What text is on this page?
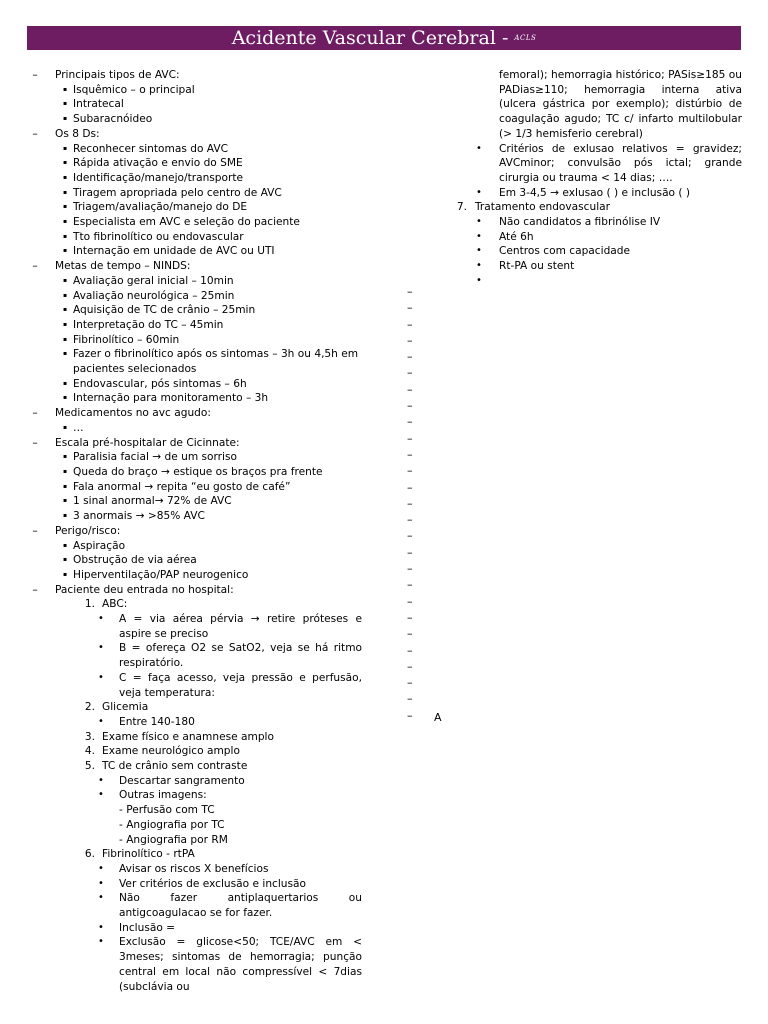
Acidente Vascular Cerebral - $^{ACLS}$
–	Principais tipos de AVC:
▪ Isquêmico – o principal
▪ Intratecal
▪ Subaracnóideo
–	Os 8 Ds:
▪ Reconhecer sintomas do AVC
▪ Rápida ativação e envio do SME
▪ Identificação/manejo/transporte
▪ Tiragem apropriada pelo centro de AVC
▪ Triagem/avaliação/manejo do DE
▪ Especialista em AVC e seleção do paciente
▪ Tto fibrinolítico ou endovascular
▪ Internação em unidade de AVC ou UTI
–	Metas de tempo – NINDS:
▪ Avaliação geral inicial – 10min
▪ Avaliação neurológica – 25min
▪ Aquisição de TC de crânio – 25min
▪ Interpretação do TC – 45min
▪ Fibrinolítico – 60min
▪ Fazer o fibrinolítico após os sintomas – 3h ou 4,5h em pacientes selecionados
▪ Endovascular, pós sintomas – 6h
▪ Internação para monitoramento – 3h
–	Medicamentos no avc agudo:
▪ …
–	Escala pré-hospitalar de Cicinnate:
▪ Paralisia facial → de um sorriso
▪ Queda do braço → estique os braços pra frente
▪ Fala anormal → repita “eu gosto de café”
▪ 1 sinal anormal→ 72% de AVC
▪ 3 anormais → >85% AVC
–	Perigo/risco:
▪ Aspiração
▪ Obstrução de via aérea
▪ Hiperventilação/PAP neurogenico
–	Paciente deu entrada no hospital:
1. ABC:
•	A = via aérea pérvia → retire próteses e aspire se preciso
•	B = ofereça O2 se SatO2, veja se há ritmo respiratório.
•	C = faça acesso, veja pressão e perfusão, veja temperatura:
2. Glicemia
•	Entre 140-180
3. Exame físico e anamnese amplo
4. Exame neurológico amplo
5. TC de crânio sem contraste
•	Descartar sangramento
•	Outras imagens:
- Perfusão com TC
- Angiografia por TC
- Angiografia por RM
6. Fibrinolítico - rtPA
•	Avisar os riscos X benefícios
•	Ver critérios de exclusão e inclusão
•	Não fazer antiplaquertarios ou antigcoagulacao se for fazer.
•	Inclusão =
•	Exclusão = glicose<50; TCE/AVC em < 3meses; sintomas de hemorragia; punção central em local não compressível < 7dias (subclávia ou
femoral); hemorragia histórico; PASis≥185 ou PADias≥110; hemorragia interna ativa (ulcera gástrica por exemplo); distúrbio de coagulação agudo; TC c/ infarto multilobular (> 1/3 hemisferio cerebral)
•	Critérios de exlusao relativos = gravidez; AVCminor; convulsão pós ictal; grande cirurgia ou trauma < 14 dias; ….
•	Em 3-4,5 → exlusao ( ) e inclusão ( )
7. Tratamento endovascular
•	Não candidatos a fibrinólise IV
•	Até 6h
•	Centros com capacidade
•	Rt-PA ou stent
•

–
–
–
–
–
–
–
–
–
–
–
–
–
–
–
–
–
–
–
–
–
–
–
–
–
–
–	A
